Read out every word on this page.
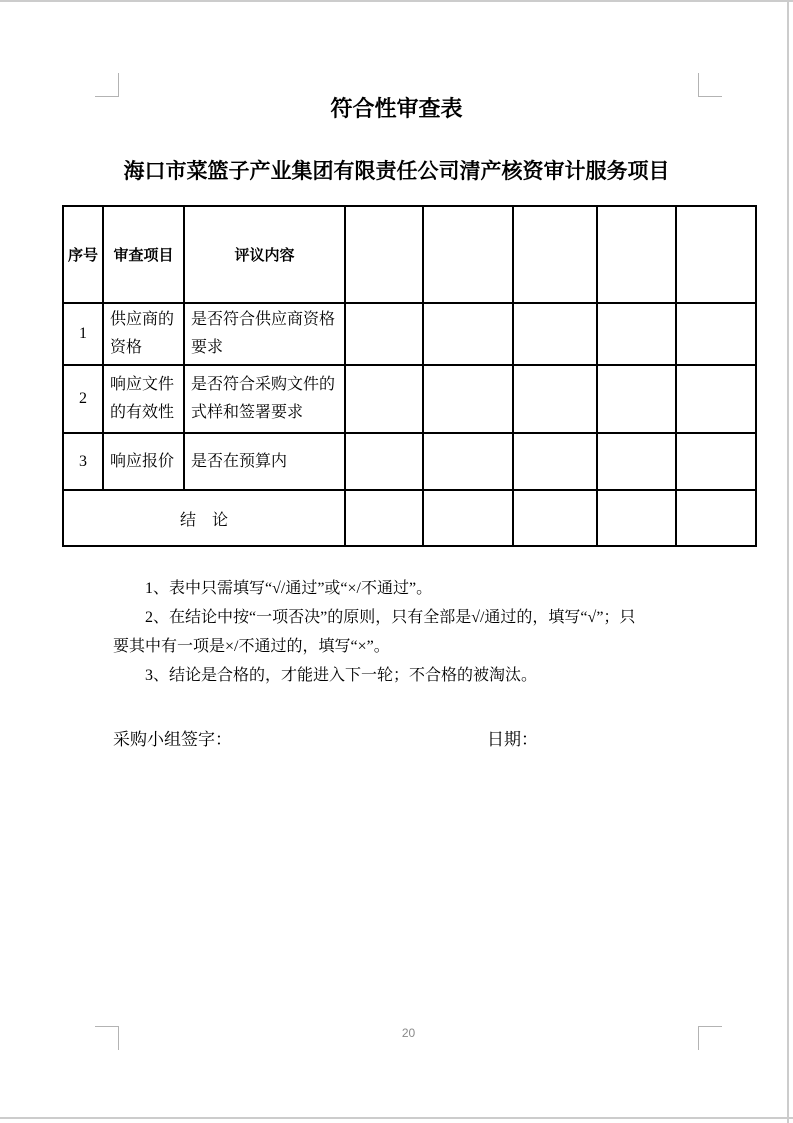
符合性审查表
海口市菜篮子产业集团有限责任公司清产核资审计服务项目
序号	审查项目	评议内容					
1	供应商的资格	是否符合供应商资格要求					
2	响应文件的有效性	是否符合采购文件的式样和签署要求					
3	响应报价	是否在预算内					
结　论							
1、表中只需填写“√/通过”或“×/不通过”。
2、在结论中按“一项否决”的原则，只有全部是√/通过的，填写“√”；只
要其中有一项是×/不通过的，填写“×”。
3、结论是合格的，才能进入下一轮；不合格的被淘汰。
采购小组签字：	日期：
20
